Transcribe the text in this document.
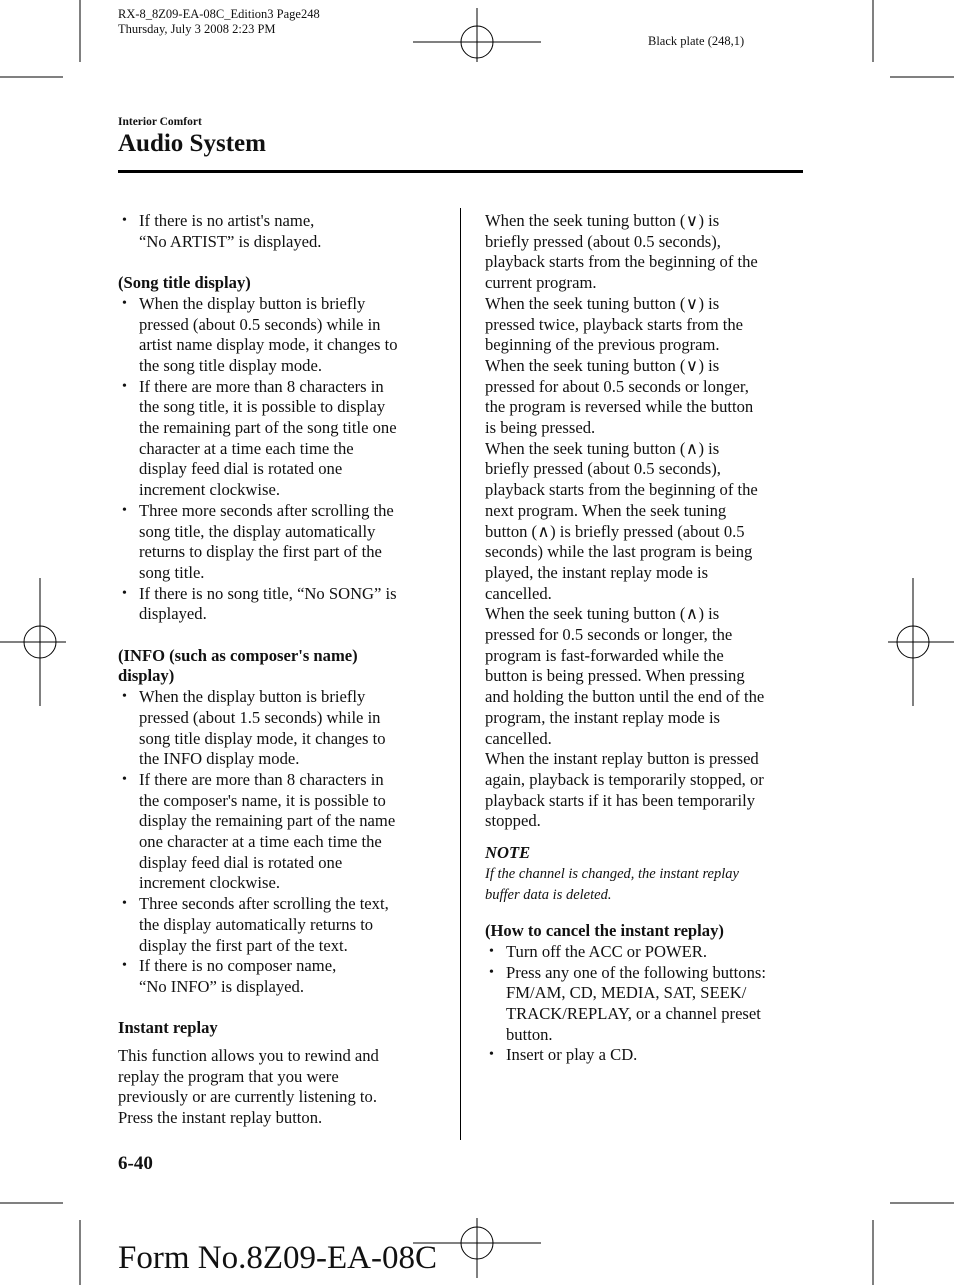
RX-8_8Z09-EA-08C_Edition3 Page248
Thursday, July 3 2008 2:23 PM
Black plate (248,1)
Interior Comfort
Audio System

• If there is no artist's name,

“No ARTIST” is displayed.

(Song title display)

• When the display button is briefly

pressed (about 0.5 seconds) while in

artist name display mode, it changes to

the song title display mode.

• If there are more than 8 characters in

the song title, it is possible to display

the remaining part of the song title one

character at a time each time the

display feed dial is rotated one

increment clockwise.

• Three more seconds after scrolling the

song title, the display automatically

returns to display the first part of the

song title.

• If there is no song title, “No SONG” is

displayed.

(INFO (such as composer's name)

display)

• When the display button is briefly

pressed (about 1.5 seconds) while in

song title display mode, it changes to

the INFO display mode.

• If there are more than 8 characters in

the composer's name, it is possible to

display the remaining part of the name

one character at a time each time the

display feed dial is rotated one

increment clockwise.

• Three seconds after scrolling the text,

the display automatically returns to

display the first part of the text.

• If there is no composer name,

“No INFO” is displayed.

Instant replay

This function allows you to rewind and

replay the program that you were

previously or are currently listening to.

Press the instant replay button.

When the seek tuning button (∨) is

briefly pressed (about 0.5 seconds),

playback starts from the beginning of the

current program.

When the seek tuning button (∨) is

pressed twice, playback starts from the

beginning of the previous program.

When the seek tuning button (∨) is

pressed for about 0.5 seconds or longer,

the program is reversed while the button

is being pressed.

When the seek tuning button (∧) is

briefly pressed (about 0.5 seconds),

playback starts from the beginning of the

next program. When the seek tuning

button (∧) is briefly pressed (about 0.5

seconds) while the last program is being

played, the instant replay mode is

cancelled.

When the seek tuning button (∧) is

pressed for 0.5 seconds or longer, the

program is fast-forwarded while the

button is being pressed. When pressing

and holding the button until the end of the

program, the instant replay mode is

cancelled.

When the instant replay button is pressed

again, playback is temporarily stopped, or

playback starts if it has been temporarily

stopped.

NOTE

If the channel is changed, the instant replay

buffer data is deleted.

(How to cancel the instant replay)

• Turn off the ACC or POWER.

• Press any one of the following buttons:

FM/AM, CD, MEDIA, SAT, SEEK/

TRACK/REPLAY, or a channel preset

button.

• Insert or play a CD.

6-40
Form No.8Z09-EA-08C
